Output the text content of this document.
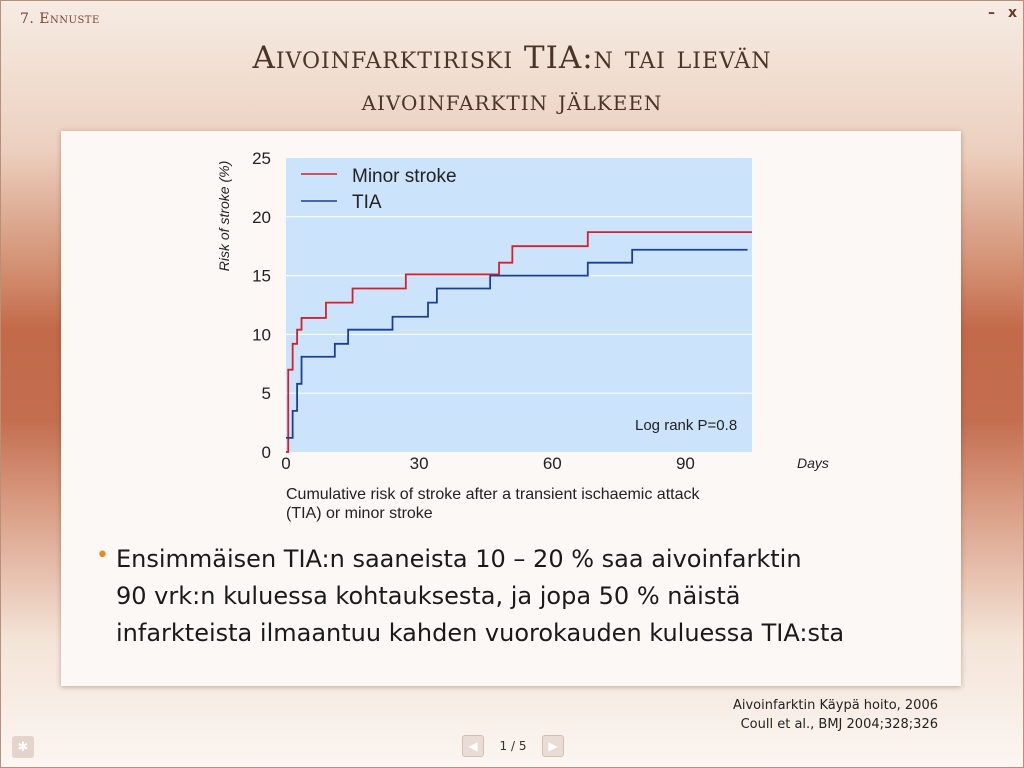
7. Ennuste	– x
Aivoinfarktiriski TIA:n tai lievän
aivoinfarktin jälkeen
0
5
10
15
20
25
0	30	60	90
Risk of stroke (%)
Days
Minor stroke
TIA
Log rank P=0.8
Cumulative risk of stroke after a transient ischaemic attack
(TIA) or minor stroke
• Ensimmäisen TIA:n saaneista 10 – 20 % saa aivoinfarktin
90 vrk:n kuluessa kohtauksesta, ja jopa 50 % näistä
infarkteista ilmaantuu kahden vuorokauden kuluessa TIA:sta
Aivoinfarktin Käypä hoito, 2006
Coull et al., BMJ 2004;328;326
✱	◀	1 / 5	▶
